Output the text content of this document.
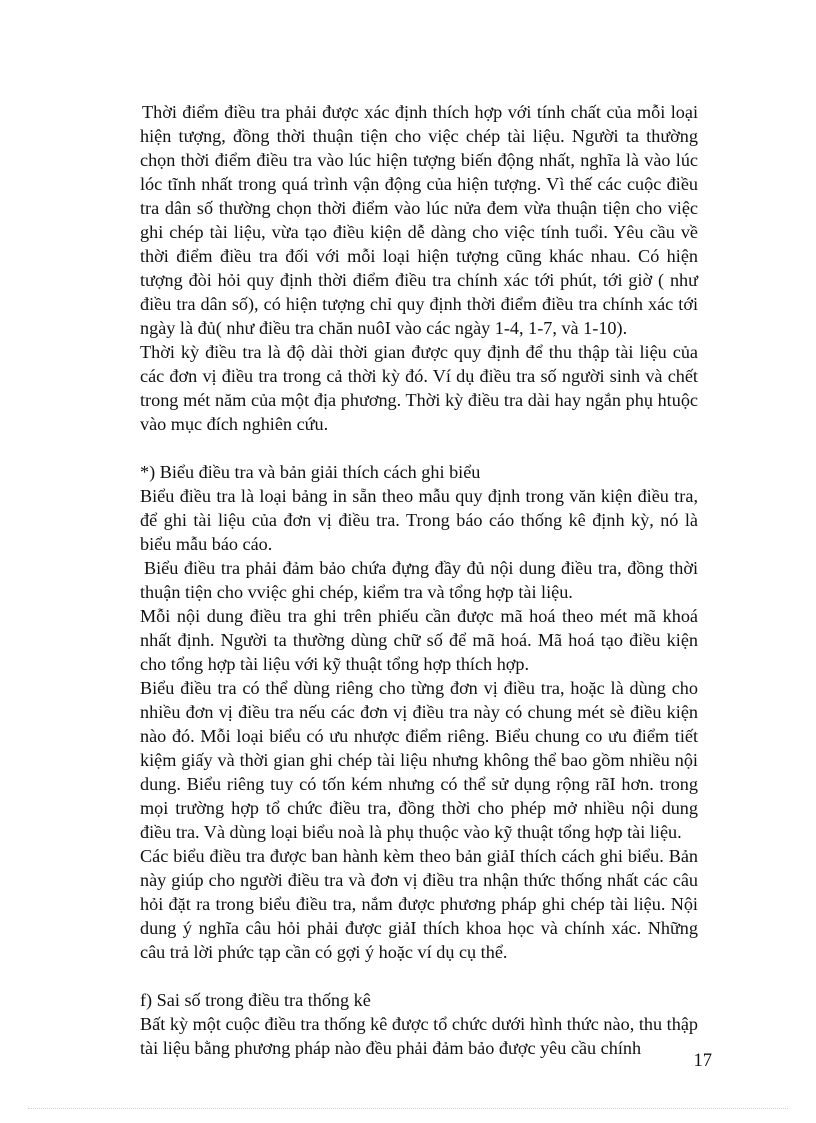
Thời điểm điều tra phải được xác định thích hợp với tính chất của mỗi loại hiện tượng, đồng thời thuận tiện cho việc chép tài liệu. Người ta thường chọn thời điểm điều tra vào lúc hiện tượng biến động nhất, nghĩa là vào lúc lóc tĩnh nhất trong quá trình vận động của hiện tượng. Vì thế các cuộc điều tra dân số thường chọn thời điểm vào lúc nửa đem vừa thuận tiện cho việc ghi chép tài liệu, vừa tạo điều kiện dễ dàng cho việc tính tuổi. Yêu cầu về thời điểm điều tra đối với mỗi loại hiện tượng cũng khác nhau. Có hiện tượng đòi hỏi quy định thời điểm điều tra chính xác tới phút, tới giờ ( như điều tra dân số), có hiện tượng chỉ quy định thời điểm điều tra chính xác tới ngày là đủ( như điều tra chăn nuôI vào các ngày 1-4, 1-7, và 1-10).

Thời kỳ điều tra là độ dài thời gian được quy định để thu thập tài liệu của các đơn vị điều tra trong cả thời kỳ đó. Ví dụ điều tra số người sinh và chết trong mét năm của một địa phương. Thời kỳ điều tra dài hay ngắn phụ htuộc vào mục đích nghiên cứu.

*) Biểu điều tra và bản giải thích cách ghi biểu

Biểu điều tra là loại bảng in sẵn theo mẫu quy định trong văn kiện điều tra, để ghi tài liệu của đơn vị điều tra. Trong báo cáo thống kê định kỳ, nó là biểu mẫu báo cáo.

Biểu điều tra phải đảm bảo chứa đựng đầy đủ nội dung điều tra, đồng thời thuận tiện cho vviệc ghi chép, kiểm tra và tổng hợp tài liệu.

Mỗi nội dung điều tra ghi trên phiếu cần được mã hoá theo mét mã khoá nhất định. Người ta thường dùng chữ số để mã hoá. Mã hoá tạo điều kiện cho tổng hợp tài liệu với kỹ thuật tổng hợp thích hợp.

Biểu điều tra có thể dùng riêng cho từng đơn vị điều tra, hoặc là dùng cho nhiều đơn vị điều tra nếu các đơn vị điều tra này có chung mét sè điều kiện nào đó. Mỗi loại biểu có ưu nhược điểm riêng. Biểu chung co ưu điểm tiết kiệm giấy và thời gian ghi chép tài liệu nhưng không thể bao gồm nhiều nội dung. Biểu riêng tuy có tốn kém nhưng có thể sử dụng rộng rãI hơn. trong mọi trường hợp tổ chức điều tra, đồng thời cho phép mở nhiều nội dung điều tra. Và dùng loại biểu noà là phụ thuộc vào kỹ thuật tổng hợp tài liệu.

Các biểu điều tra được ban hành kèm theo bản giảI thích cách ghi biểu. Bản này giúp cho người điều tra và đơn vị điều tra nhận thức thống nhất các câu hỏi đặt ra trong biểu điều tra, nắm được phương pháp ghi chép tài liệu. Nội dung ý nghĩa câu hỏi phải được giảI thích khoa học và chính xác. Những câu trả lời phức tạp cần có gợi ý hoặc ví dụ cụ thể.

f) Sai số trong điều tra thống kê

Bất kỳ một cuộc điều tra thống kê được tổ chức dưới hình thức nào, thu thập tài liệu bằng phương pháp nào đều phải đảm bảo được yêu cầu chính

17
